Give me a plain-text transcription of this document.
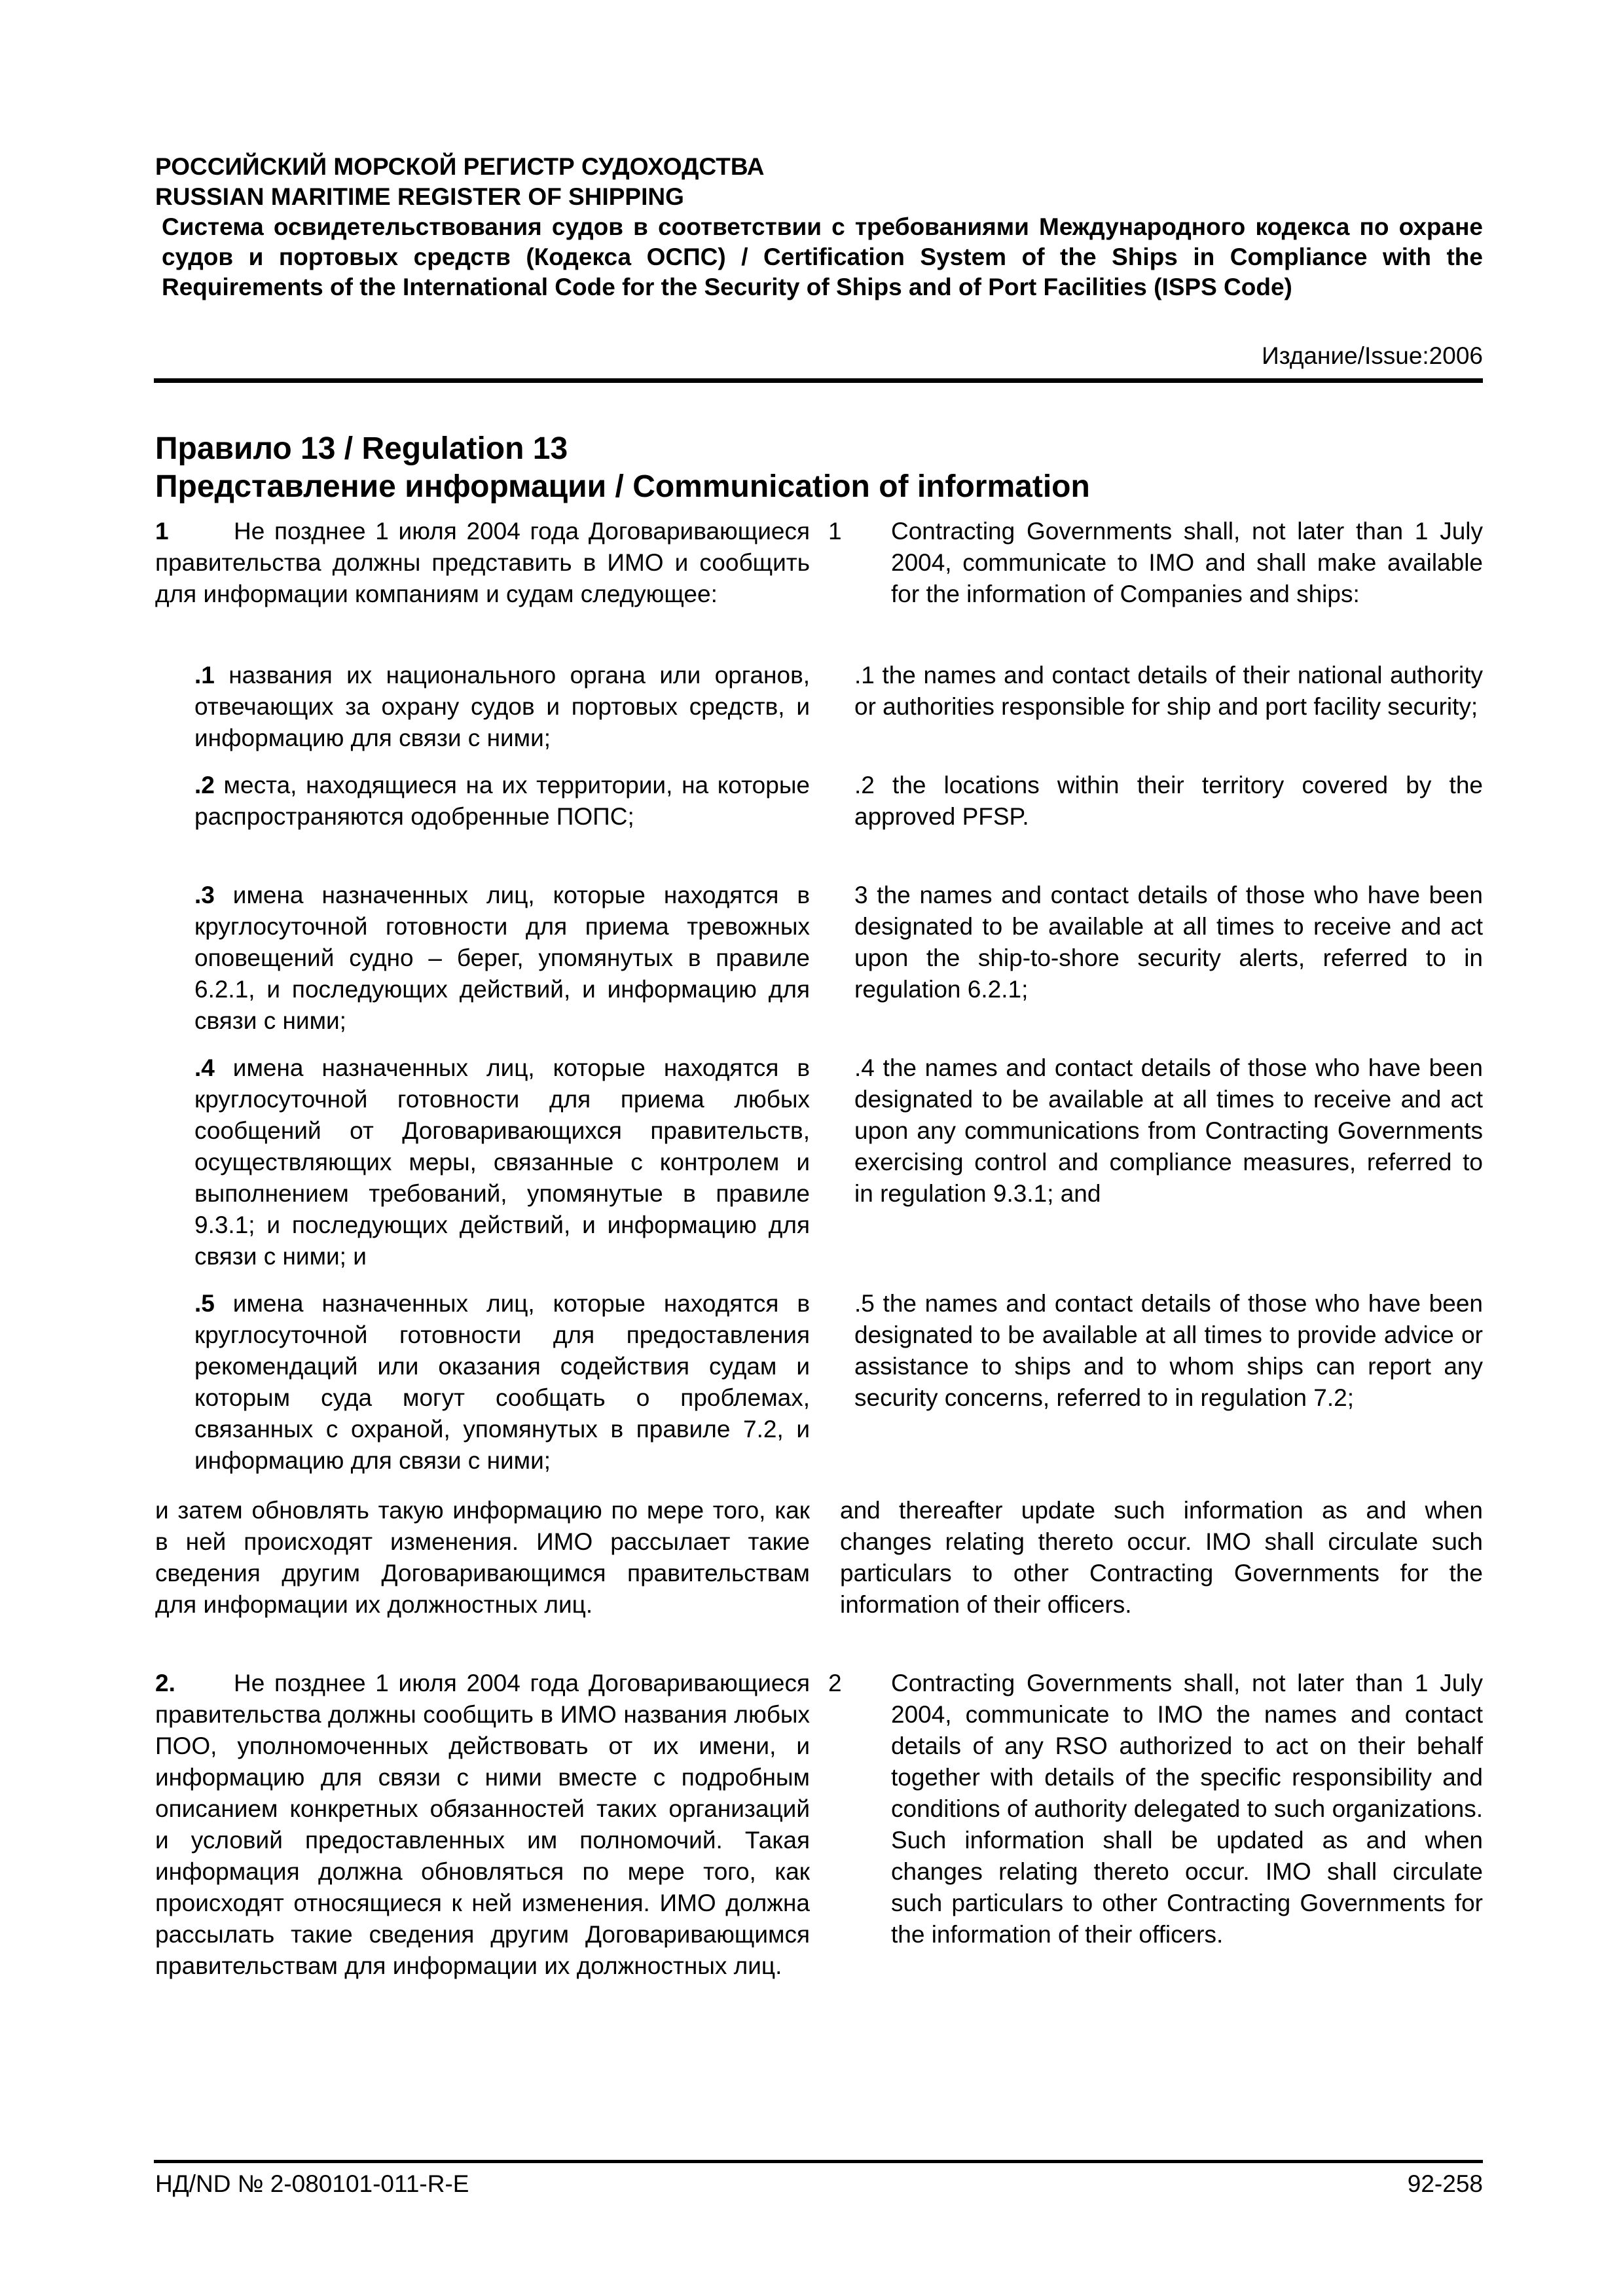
РОССИЙСКИЙ МОРСКОЙ РЕГИСТР СУДОХОДСТВА
RUSSIAN MARITIME REGISTER OF SHIPPING
Система освидетельствования судов в соответствии с требованиями Международного кодекса по охране судов и портовых средств (Кодекса ОСПС) / Certification System of the Ships in Compliance with the Requirements of the International Code for the Security of Ships and of Port Facilities (ISPS Code)
Издание/Issue:2006
Правило 13 / Regulation 13
Представление информации / Communication of information

1	Не позднее 1 июля 2004 года Договаривающиеся правительства должны представить в ИМО и сообщить для информации компаниям и судам следующее:

.1 названия их национального органа или органов, отвечающих за охрану судов и портовых средств, и информацию для связи с ними;

.2 места, находящиеся на их территории, на которые распространяются одобренные ПОПС;

.3 имена назначенных лиц, которые находятся в круглосуточной готовности для приема тревожных оповещений судно – берег, упомянутых в правиле 6.2.1, и последующих действий, и информацию для связи с ними;

.4 имена назначенных лиц, которые находятся в круглосуточной готовности для приема любых сообщений от Договаривающихся правительств, осуществляющих меры, связанные с контролем и выполнением требований, упомянутые в правиле 9.3.1; и последующих действий, и информацию для связи с ними; и

.5 имена назначенных лиц, которые находятся в круглосуточной готовности для предоставления рекомендаций или оказания содействия судам и которым суда могут сообщать о проблемах, связанных с охраной, упомянутых в правиле 7.2, и информацию для связи с ними;

и затем обновлять такую информацию по мере того, как в ней происходят изменения. ИМО рассылает такие сведения другим Договаривающимся правительствам для информации их должностных лиц.

2. Не позднее 1 июля 2004 года Договаривающиеся правительства должны сообщить в ИМО названия любых ПОО, уполномоченных действовать от их имени, и информацию для связи с ними вместе с подробным описанием конкретных обязанностей таких организаций и условий предоставленных им полномочий. Такая информация должна обновляться по мере того, как происходят относящиеся к ней изменения. ИМО должна рассылать такие сведения другим Договаривающимся правительствам для информации их должностных лиц.

1 Contracting Governments shall, not later than 1 July 2004, communicate to IMO and shall make available for the information of Companies and ships:

.1 the names and contact details of their national authority or authorities responsible for ship and port facility security;

.2 the locations within their territory covered by the approved PFSP.

3 the names and contact details of those who have been designated to be available at all times to receive and act upon the ship-to-shore security alerts, referred to in regulation 6.2.1;

.4 the names and contact details of those who have been designated to be available at all times to receive and act upon any communications from Contracting Governments exercising control and compliance measures, referred to in regulation 9.3.1; and

.5 the names and contact details of those who have been designated to be available at all times to provide advice or assistance to ships and to whom ships can report any security concerns, referred to in regulation 7.2;

and thereafter update such information as and when changes relating thereto occur. IMO shall circulate such particulars to other Contracting Governments for the information of their officers.

2 Contracting Governments shall, not later than 1 July 2004, communicate to IMO the names and contact details of any RSO authorized to act on their behalf together with details of the specific responsibility and conditions of authority delegated to such organizations. Such information shall be updated as and when changes relating thereto occur. IMO shall circulate such particulars to other Contracting Governments for the information of their officers.

НД/ND № 2-080101-011-R-E	92-258
